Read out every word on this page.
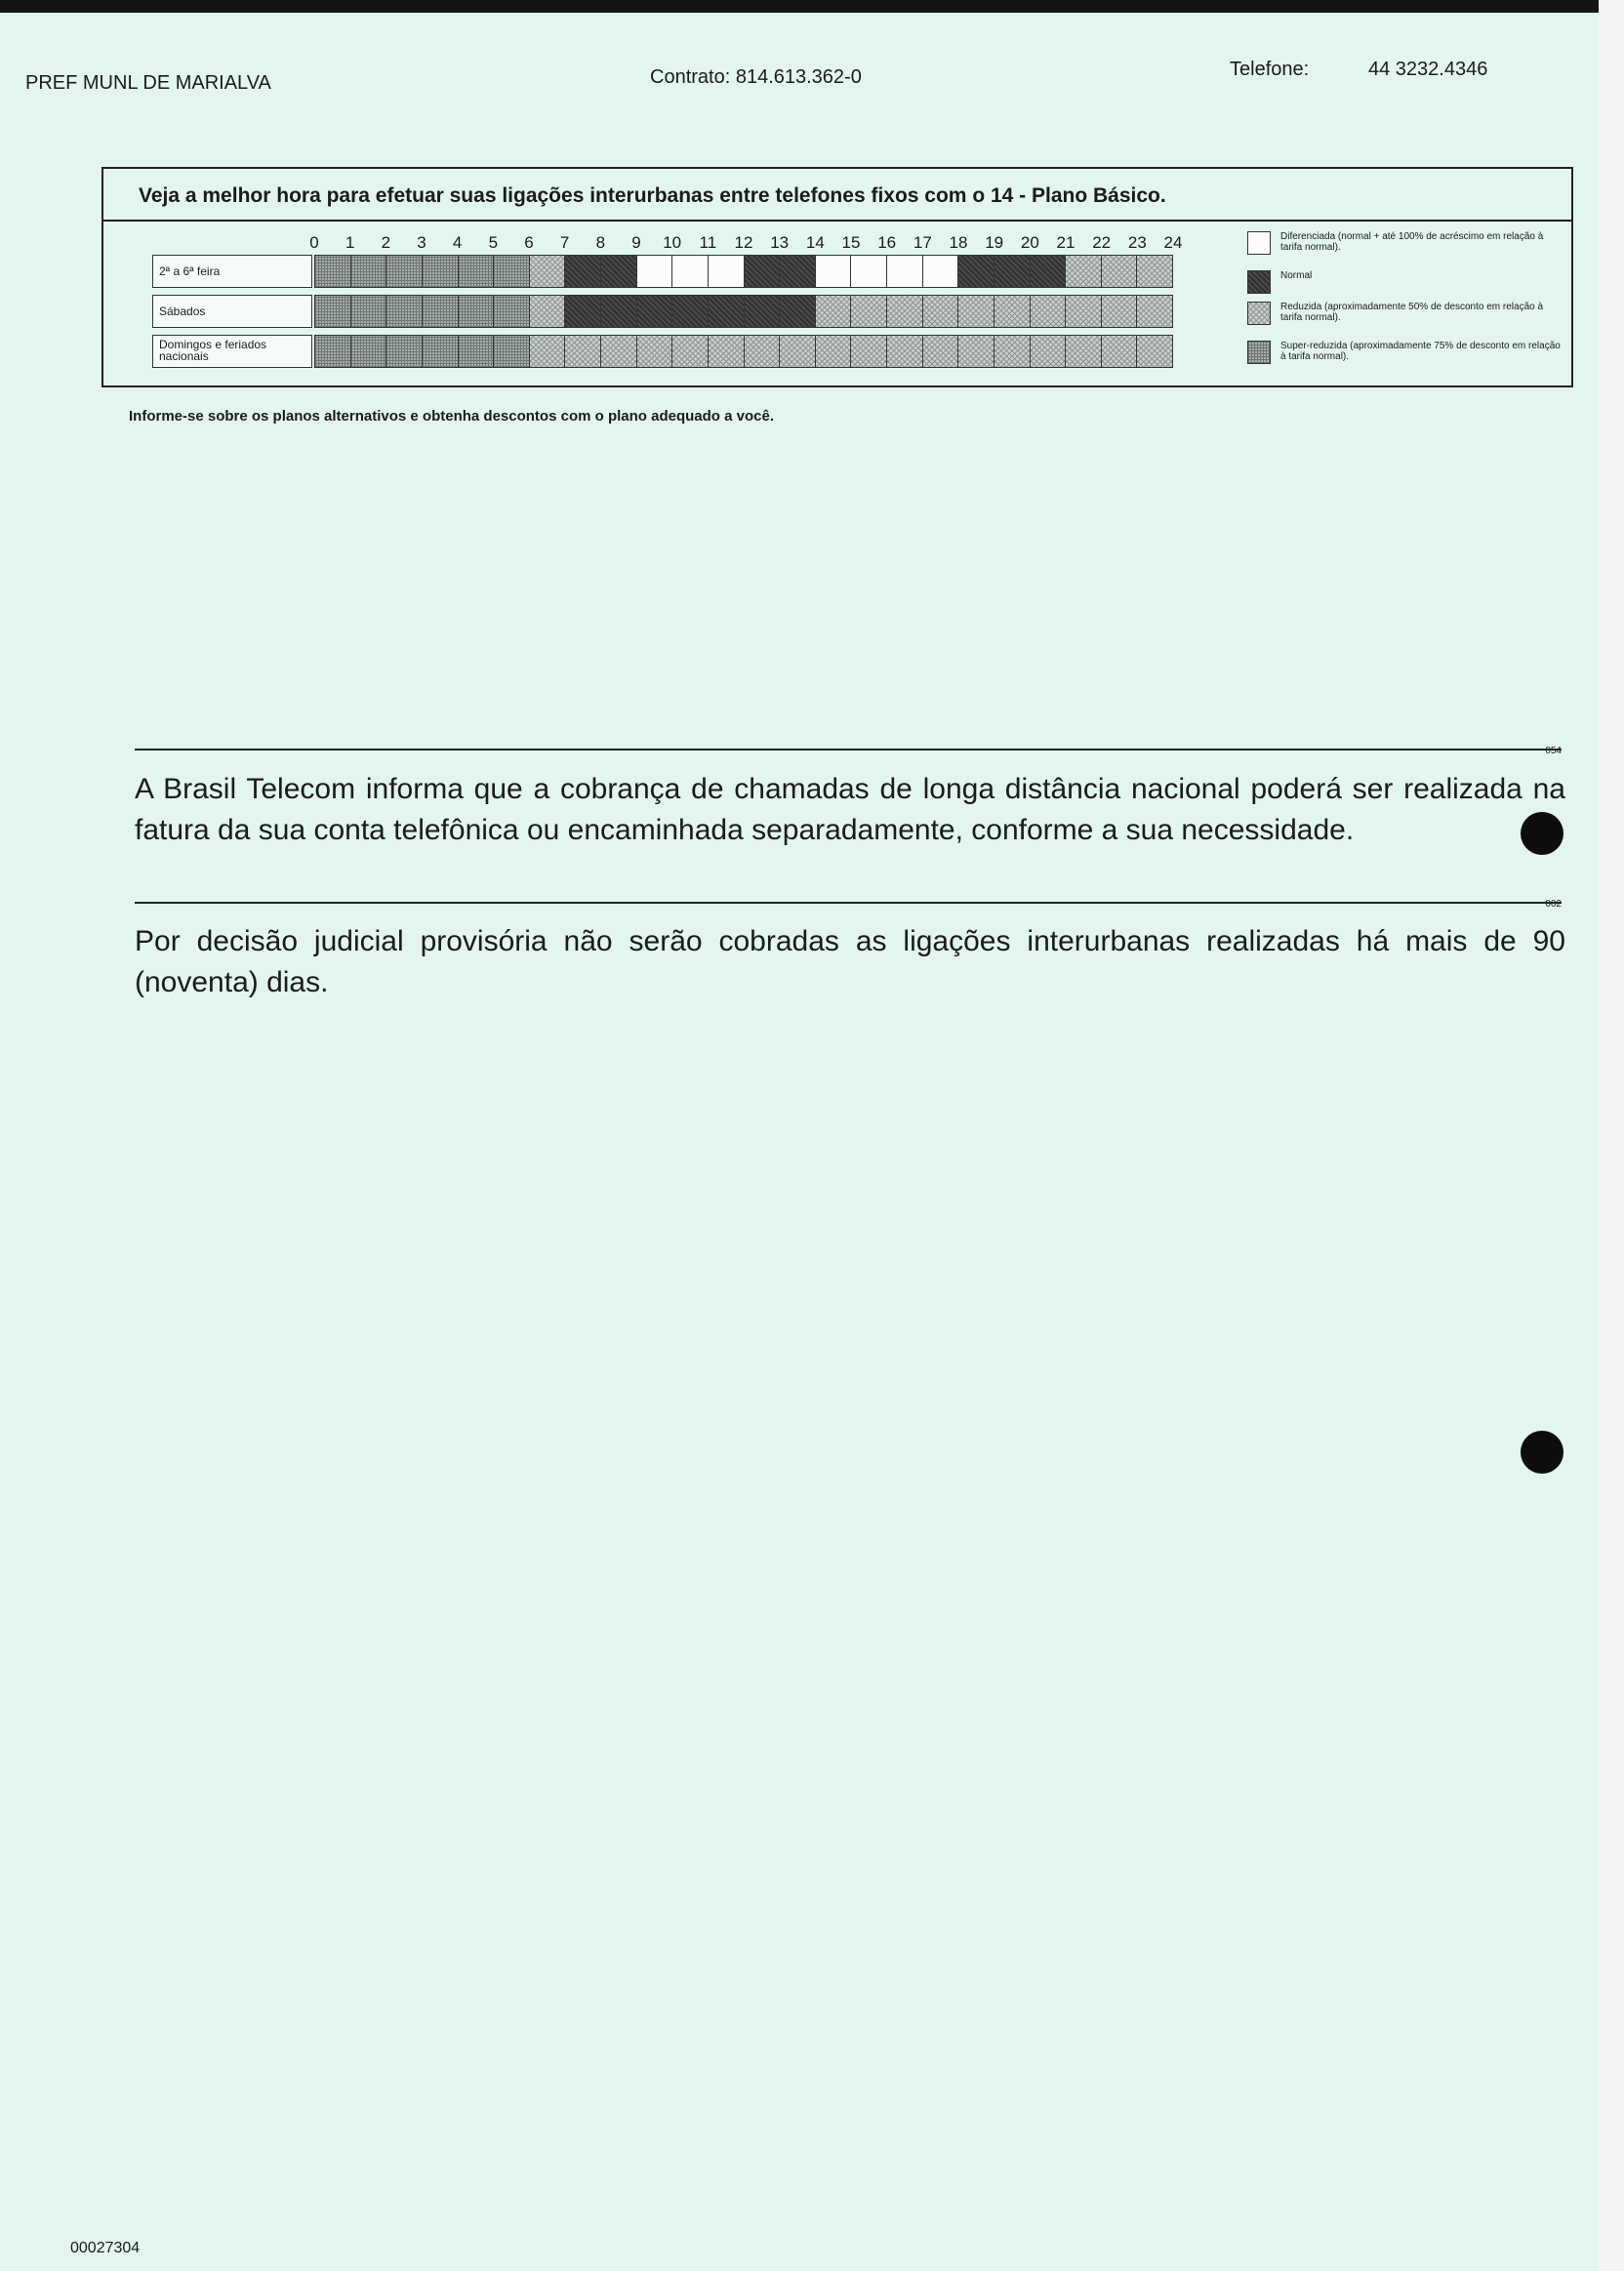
PREF MUNL DE MARIALVA	Contrato: 814.613.362-0	Telefone:	44 3232.4346
Veja a melhor hora para efetuar suas ligações interurbanas entre telefones fixos com o 14 - Plano Básico.
0	1	2	3	4	5	6	7	8	9	10	11	12	13	14	15	16	17	18	19	20	21	22	23	24
2ª a 6ª feira
Sábados
Domingos e feriados nacionais
Diferenciada (normal + até 100% de acréscimo em relação à tarifa normal).
Normal
Reduzida (aproximadamente 50% de desconto em relação à tarifa normal).
Super-reduzida (aproximadamente 75% de desconto em relação à tarifa normal).
Informe-se sobre os planos alternativos e obtenha descontos com o plano adequado a você.
054
A Brasil Telecom informa que a cobrança de chamadas de longa distância nacional poderá ser realizada na fatura da sua conta telefônica ou encaminhada separadamente, conforme a sua necessidade.
002
Por decisão judicial provisória não serão cobradas as ligações interurbanas realizadas há mais de 90 (noventa) dias.
00027304
